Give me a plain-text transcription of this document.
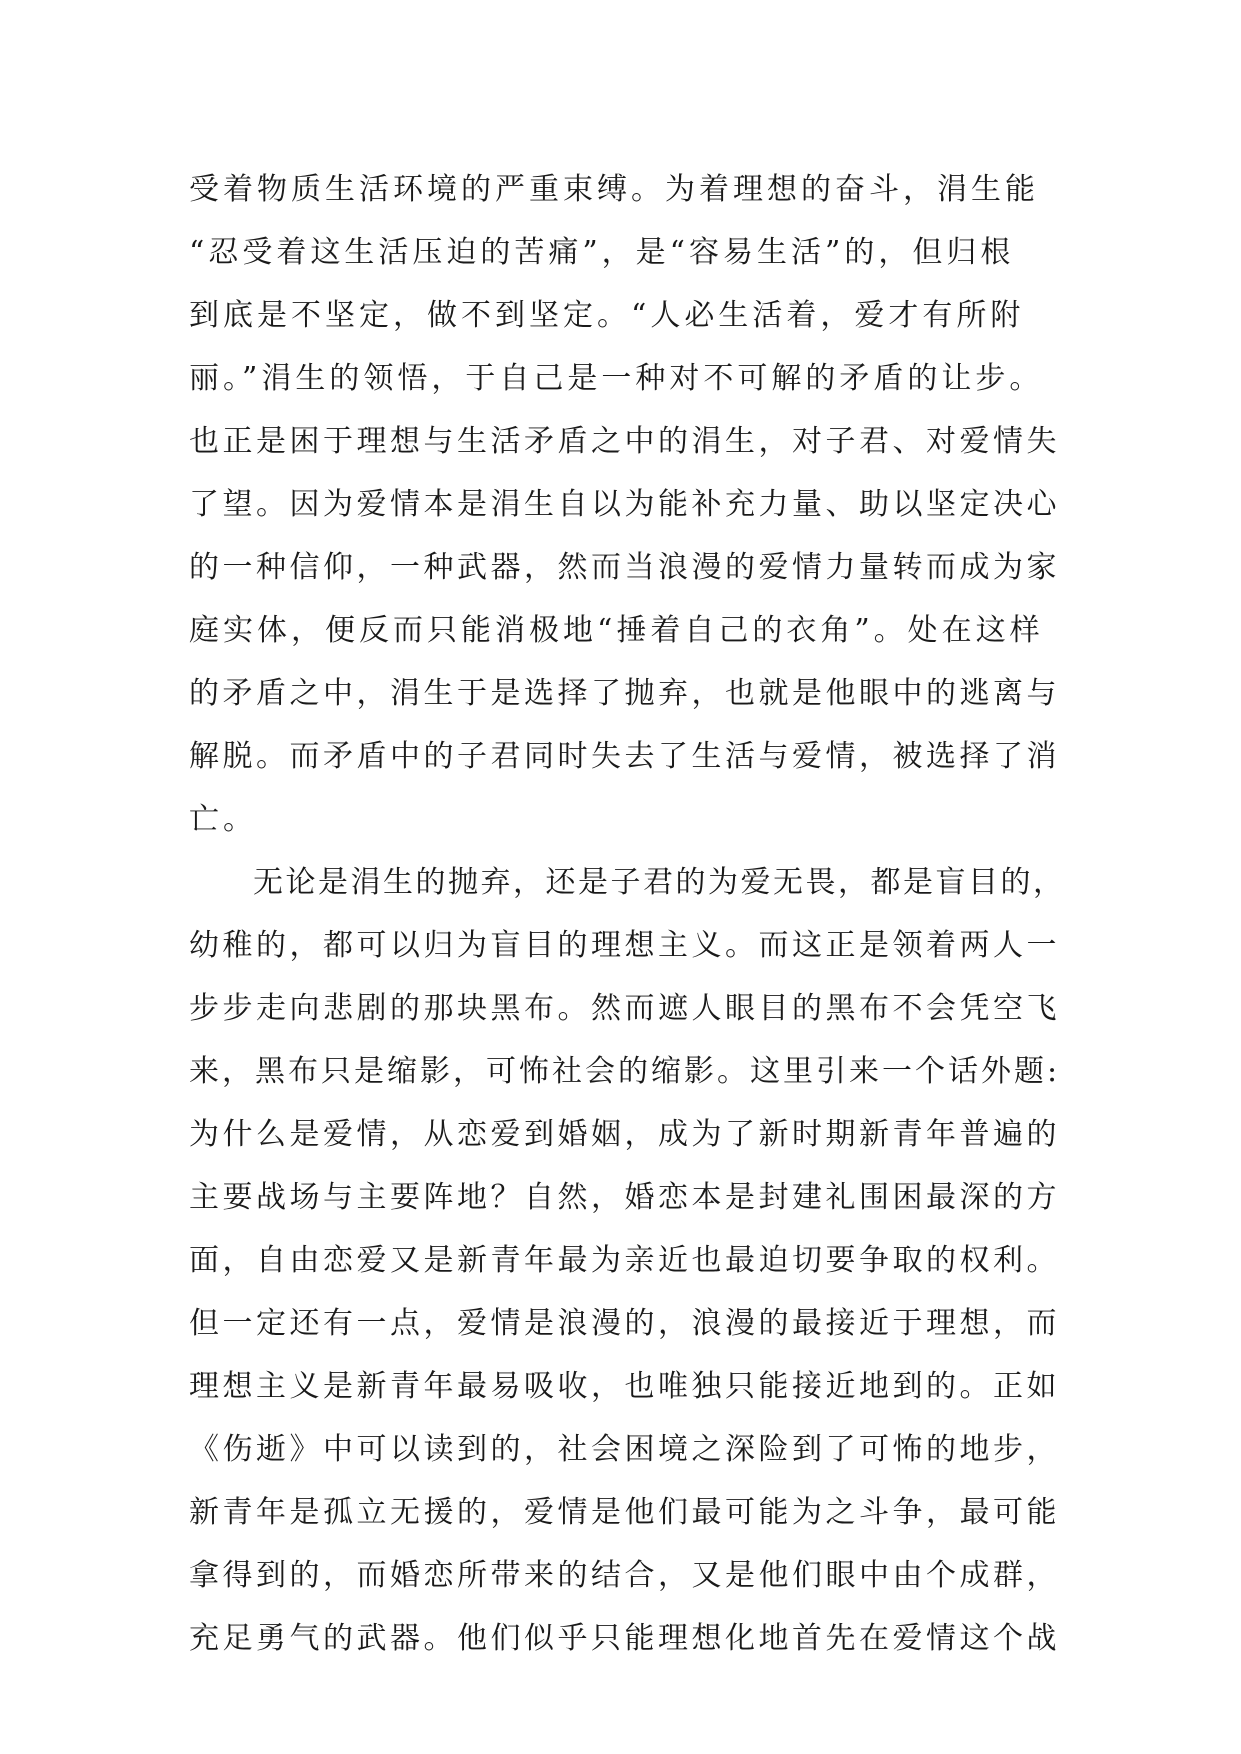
受着物质生活环境的严重束缚。为着理想的奋斗，涓生能
“忍受着这生活压迫的苦痛”，是“容易生活”的，但归根
到底是不坚定，做不到坚定。“人必生活着，爱才有所附
丽。”涓生的领悟，于自己是一种对不可解的矛盾的让步。
也正是困于理想与生活矛盾之中的涓生，对子君、对爱情失
了望。因为爱情本是涓生自以为能补充力量、助以坚定决心
的一种信仰，一种武器，然而当浪漫的爱情力量转而成为家
庭实体，便反而只能消极地“捶着自己的衣角”。处在这样
的矛盾之中，涓生于是选择了抛弃，也就是他眼中的逃离与
解脱。而矛盾中的子君同时失去了生活与爱情，被选择了消
亡。
无论是涓生的抛弃，还是子君的为爱无畏，都是盲目的，
幼稚的，都可以归为盲目的理想主义。而这正是领着两人一
步步走向悲剧的那块黑布。然而遮人眼目的黑布不会凭空飞
来，黑布只是缩影，可怖社会的缩影。这里引来一个话外题:
为什么是爱情，从恋爱到婚姻，成为了新时期新青年普遍的
主要战场与主要阵地？自然，婚恋本是封建礼围困最深的方
面，自由恋爱又是新青年最为亲近也最迫切要争取的权利。
但一定还有一点，爱情是浪漫的，浪漫的最接近于理想，而
理想主义是新青年最易吸收，也唯独只能接近地到的。正如
《伤逝》中可以读到的，社会困境之深险到了可怖的地步，
新青年是孤立无援的，爱情是他们最可能为之斗争，最可能
拿得到的，而婚恋所带来的结合，又是他们眼中由个成群，
充足勇气的武器。他们似乎只能理想化地首先在爱情这个战
